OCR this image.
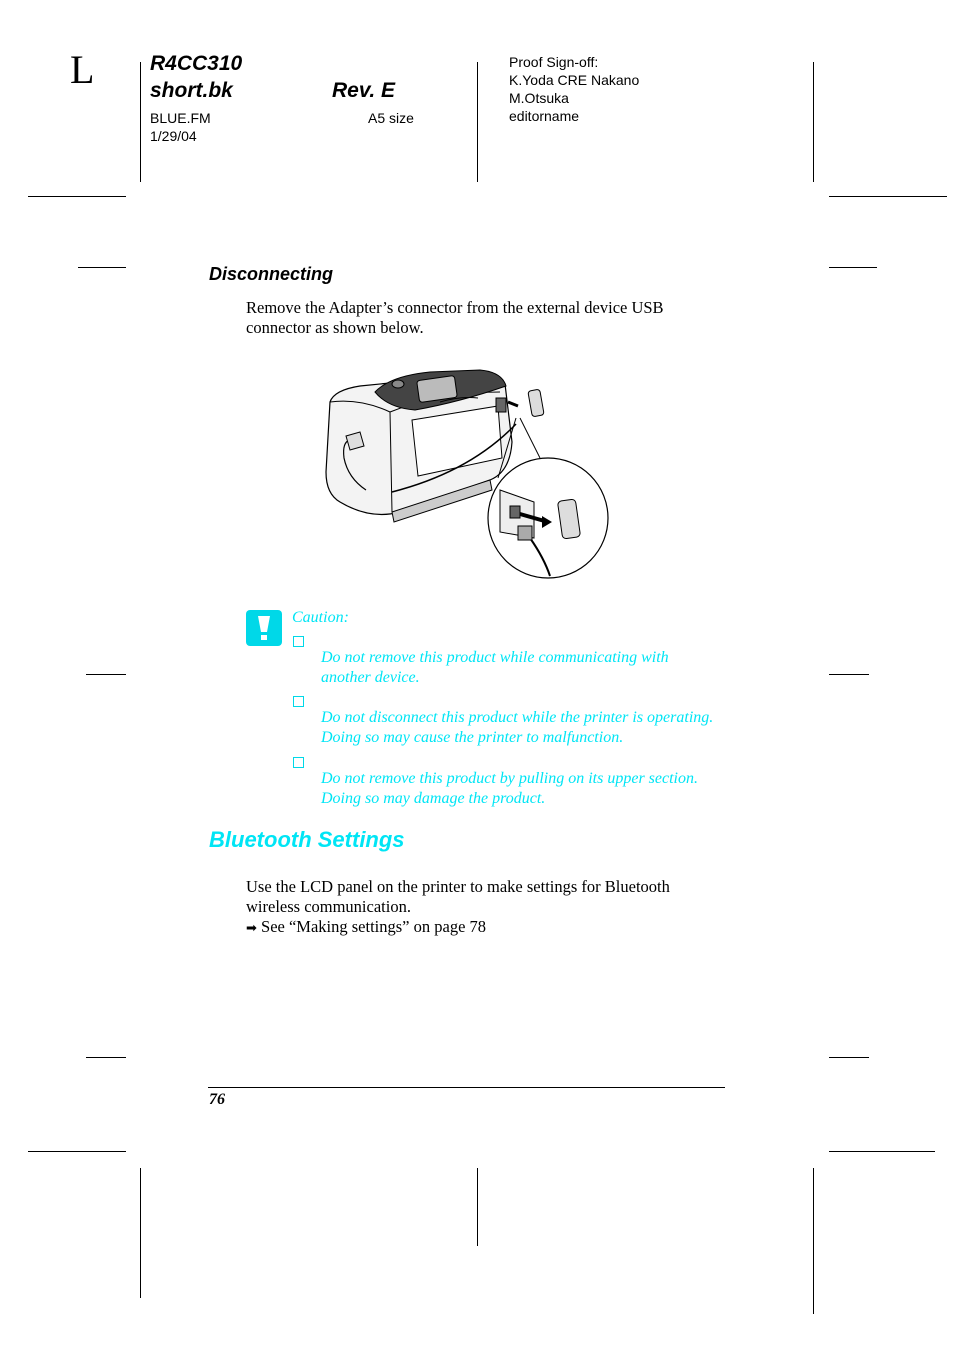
L	R4CC310
short.bk	Rev. E
BLUE.FM
1/29/04
A5 size
Proof Sign-off:
K.Yoda CRE Nakano
M.Otsuka
editorname
Disconnecting
Remove the Adapter’s connector from the external device USB
connector as shown below.
Caution:
Do not remove this product while communicating with
another device.
Do not disconnect this product while the printer is operating.
Doing so may cause the printer to malfunction.
Do not remove this product by pulling on its upper section.
Doing so may damage the product.
Bluetooth Settings
Use the LCD panel on the printer to make settings for Bluetooth
wireless communication.
➡ See “Making settings” on page 78
76
